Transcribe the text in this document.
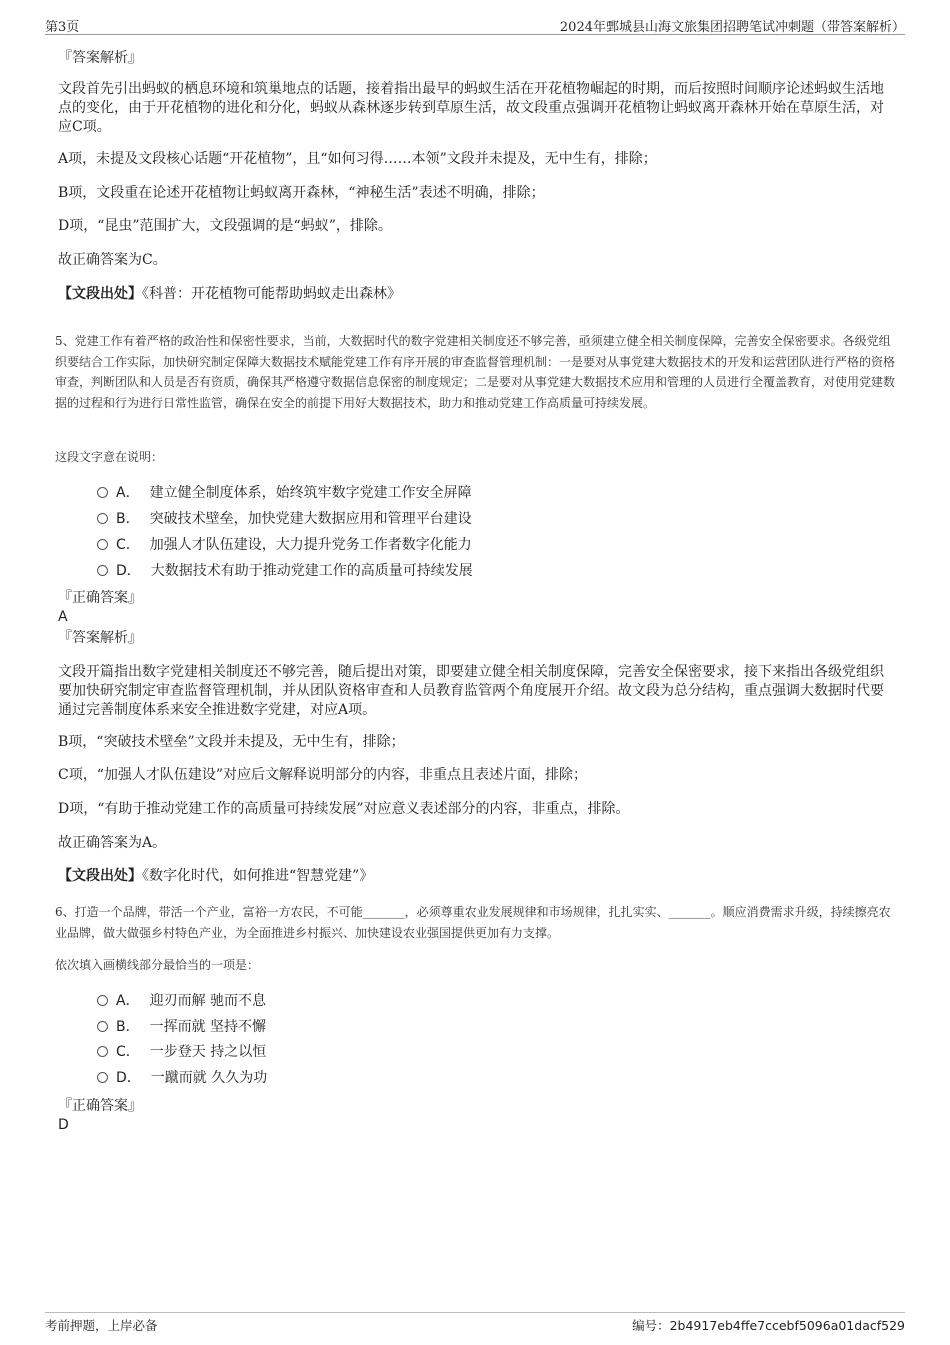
第3页	2024年鄄城县山海文旅集团招聘笔试冲刺题（带答案解析）
『答案解析』
文段首先引出蚂蚁的栖息环境和筑巢地点的话题，接着指出最早的蚂蚁生活在开花植物崛起的时期，而后按照时间顺序论述蚂蚁生活地点的变化，由于开花植物的进化和分化，蚂蚁从森林逐步转到草原生活，故文段重点强调开花植物让蚂蚁离开森林开始在草原生活，对应C项。
A项，未提及文段核心话题“开花植物”，且“如何习得……本领”文段并未提及，无中生有，排除；
B项，文段重在论述开花植物让蚂蚁离开森林，“神秘生活”表述不明确，排除；
D项，“昆虫”范围扩大，文段强调的是“蚂蚁”，排除。
故正确答案为C。
【文段出处】《科普：开花植物可能帮助蚂蚁走出森林》
5、党建工作有着严格的政治性和保密性要求，当前，大数据时代的数字党建相关制度还不够完善，亟须建立健全相关制度保障，完善安全保密要求。各级党组织要结合工作实际，加快研究制定保障大数据技术赋能党建工作有序开展的审查监督管理机制：一是要对从事党建大数据技术的开发和运营团队进行严格的资格审查，判断团队和人员是否有资质，确保其严格遵守数据信息保密的制度规定；二是要对从事党建大数据技术应用和管理的人员进行全覆盖教育，对使用党建数据的过程和行为进行日常性监管，确保在安全的前提下用好大数据技术，助力和推动党建工作高质量可持续发展。
这段文字意在说明：
A． 建立健全制度体系，始终筑牢数字党建工作安全屏障
B． 突破技术壁垒，加快党建大数据应用和管理平台建设
C． 加强人才队伍建设，大力提升党务工作者数字化能力
D． 大数据技术有助于推动党建工作的高质量可持续发展
『正确答案』
A
『答案解析』
文段开篇指出数字党建相关制度还不够完善，随后提出对策，即要建立健全相关制度保障，完善安全保密要求，接下来指出各级党组织要加快研究制定审查监督管理机制，并从团队资格审查和人员教育监管两个角度展开介绍。故文段为总分结构，重点强调大数据时代要通过完善制度体系来安全推进数字党建，对应A项。
B项，“突破技术壁垒”文段并未提及，无中生有，排除；
C项，“加强人才队伍建设”对应后文解释说明部分的内容，非重点且表述片面，排除；
D项，“有助于推动党建工作的高质量可持续发展”对应意义表述部分的内容，非重点，排除。
故正确答案为A。
【文段出处】《数字化时代，如何推进“智慧党建”》
6、打造一个品牌，带活一个产业，富裕一方农民，不可能_______，必须尊重农业发展规律和市场规律，扎扎实实、_______。顺应消费需求升级，持续擦亮农业品牌，做大做强乡村特色产业，为全面推进乡村振兴、加快建设农业强国提供更加有力支撑。
依次填入画横线部分最恰当的一项是：
A． 迎刃而解 驰而不息
B． 一挥而就 坚持不懈
C． 一步登天 持之以恒
D． 一蹴而就 久久为功
『正确答案』
D
考前押题，上岸必备	编号：2b4917eb4ffe7ccebf5096a01dacf529
